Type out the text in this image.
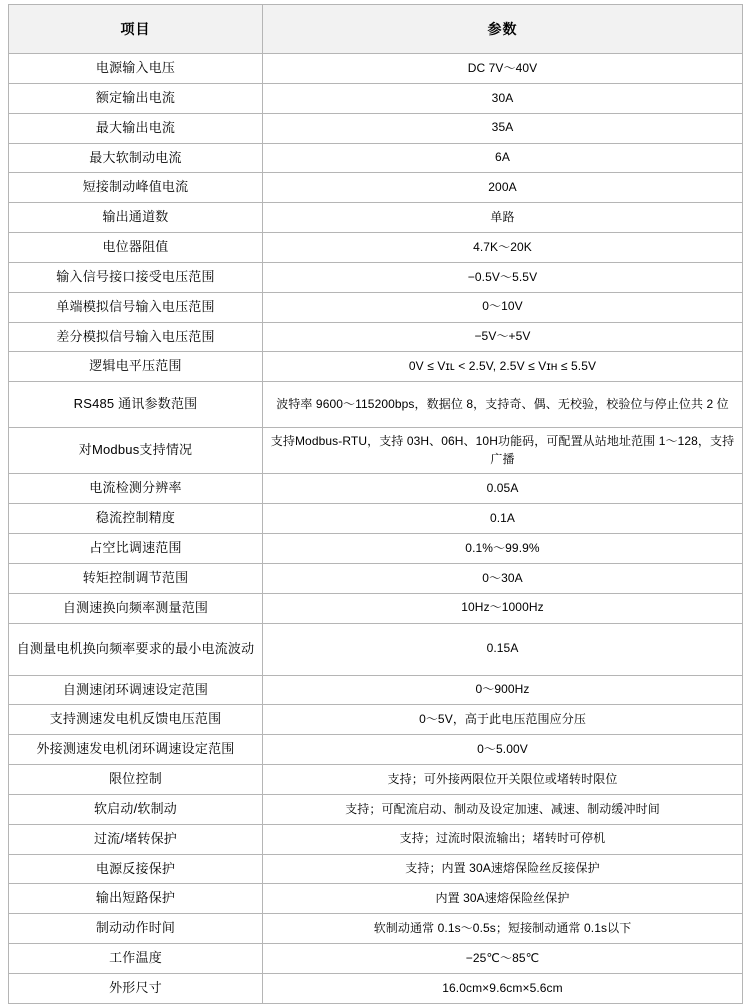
项目	参数
电源输入电压	DC 7V～40V
额定输出电流	30A
最大输出电流	35A
最大软制动电流	6A
短接制动峰值电流	200A
输出通道数	单路
电位器阻值	4.7K～20K
输入信号接口接受电压范围	−0.5V～5.5V
单端模拟信号输入电压范围	0～10V
差分模拟信号输入电压范围	−5V～+5V
逻辑电平压范围	0V ≤ Vɪʟ < 2.5V, 2.5V ≤ Vɪʜ ≤ 5.5V
RS485 通讯参数范围	波特率 9600～115200bps，数据位 8，支持奇、偶、无校验，校验位与停止位共 2 位
对Modbus支持情况	支持Modbus-RTU，支持 03H、06H、10H功能码，可配置从站地址范围 1～128，支持广播
电流检测分辨率	0.05A
稳流控制精度	0.1A
占空比调速范围	0.1%～99.9%
转矩控制调节范围	0～30A
自测速换向频率测量范围	10Hz～1000Hz
自测量电机换向频率要求的最小电流波动	0.15A
自测速闭环调速设定范围	0～900Hz
支持测速发电机反馈电压范围	0～5V，高于此电压范围应分压
外接测速发电机闭环调速设定范围	0～5.00V
限位控制	支持；可外接两限位开关限位或堵转时限位
软启动/软制动	支持；可配流启动、制动及设定加速、减速、制动缓冲时间
过流/堵转保护	支持；过流时限流输出；堵转时可停机
电源反接保护	支持；内置 30A速熔保险丝反接保护
输出短路保护	内置 30A速熔保险丝保护
制动动作时间	软制动通常 0.1s～0.5s；短接制动通常 0.1s以下
工作温度	−25℃～85℃
外形尺寸	16.0cm×9.6cm×5.6cm
